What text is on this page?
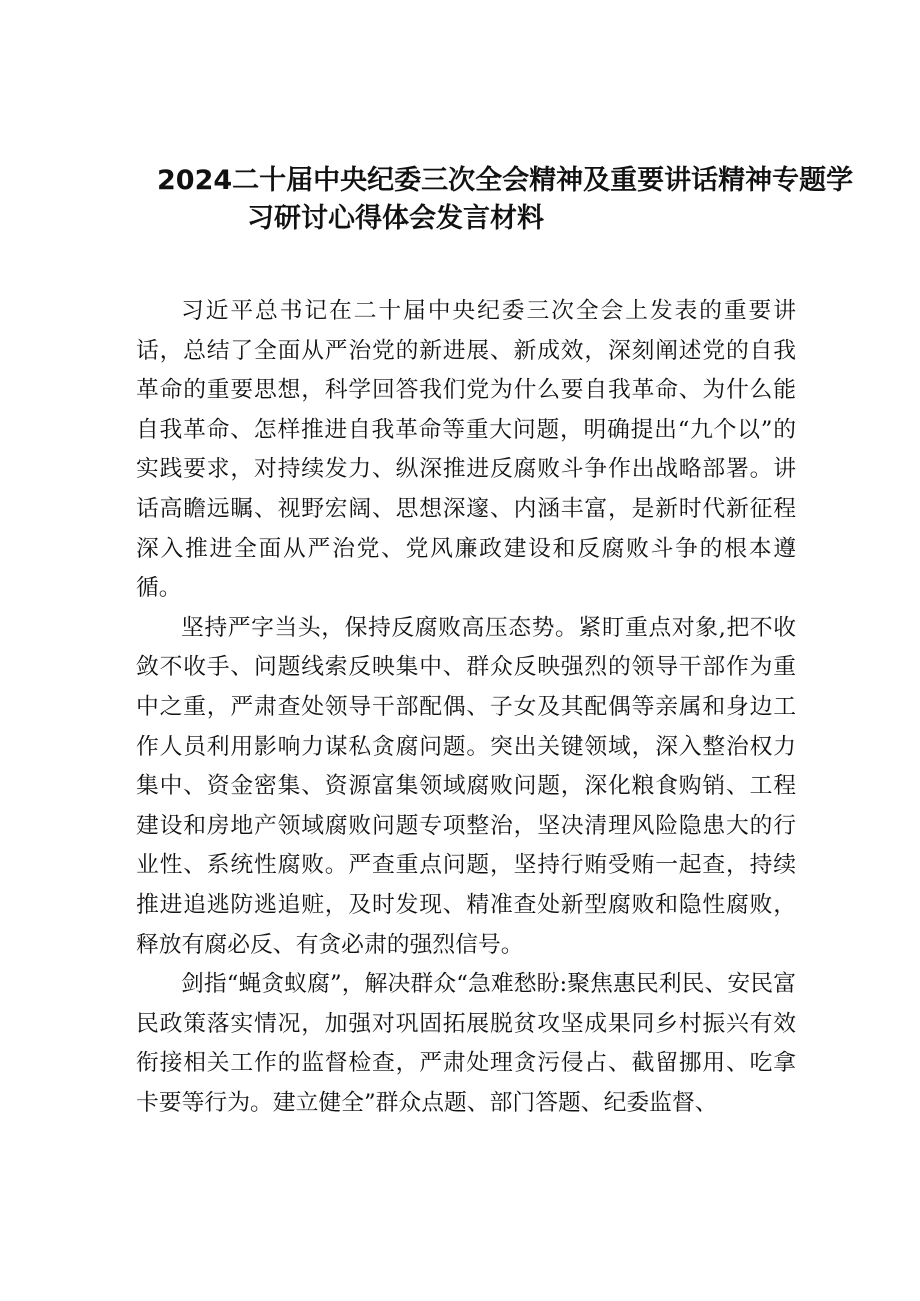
2024二十届中央纪委三次全会精神及重要讲话精神专题学
习研讨心得体会发言材料

习近平总书记在二十届中央纪委三次全会上发表的重要讲话，总结了全面从严治党的新进展、新成效，深刻阐述党的自我革命的重要思想，科学回答我们党为什么要自我革命、为什么能自我革命、怎样推进自我革命等重大问题，明确提出“九个以”的实践要求，对持续发力、纵深推进反腐败斗争作出战略部署。讲话高瞻远瞩、视野宏阔、思想深邃、内涵丰富，是新时代新征程深入推进全面从严治党、党风廉政建设和反腐败斗争的根本遵循。

坚持严字当头，保持反腐败高压态势。紧盯重点对象,把不收敛不收手、问题线索反映集中、群众反映强烈的领导干部作为重中之重，严肃查处领导干部配偶、子女及其配偶等亲属和身边工作人员利用影响力谋私贪腐问题。突出关键领域，深入整治权力集中、资金密集、资源富集领域腐败问题，深化粮食购销、工程建设和房地产领域腐败问题专项整治，坚决清理风险隐患大的行业性、系统性腐败。严查重点问题，坚持行贿受贿一起查，持续推进追逃防逃追赃，及时发现、精准查处新型腐败和隐性腐败，释放有腐必反、有贪必肃的强烈信号。

剑指“蝇贪蚁腐”，解决群众“急难愁盼:聚焦惠民利民、安民富民政策落实情况，加强对巩固拓展脱贫攻坚成果同乡村振兴有效衔接相关工作的监督检查，严肃处理贪污侵占、截留挪用、吃拿卡要等行为。建立健全”群众点题、部门答题、纪委监督、
